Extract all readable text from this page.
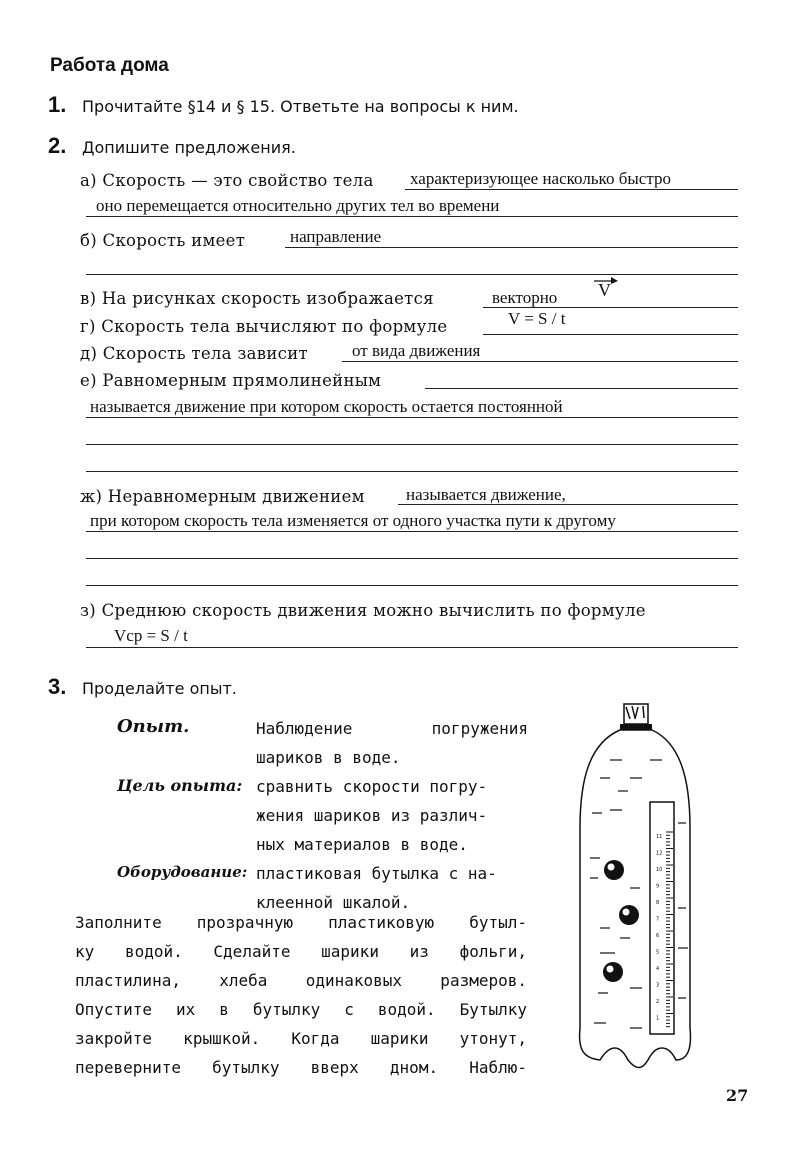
Работа дома
1. Прочитайте §14 и § 15. Ответьте на вопросы к ним.
2. Допишите предложения.
а) Скорость — это свойство тела характеризующее насколько быстро
оно перемещается относительно других тел во времени
б) Скорость имеет	направление
в) На рисунках скорость изображается	векторно V
г) Скорость тела вычисляют по формуле	V = S / t
д) Скорость тела зависит	от вида движения
е) Равномерным прямолинейным
называется движение при котором скорость остается постоянной
ж) Неравномерным движением называется движение,
при котором скорость тела изменяется от одного участка пути к другому
з) Среднюю скорость движения можно вычислить по формуле
Vср = S / t
3. Проделайте опыт.
Опыт.	Наблюдение погружения
шариков в воде.
Цель опыта: сравнить скорости погру-
жения шариков из различ-
ных материалов в воде.
Оборудование: пластиковая бутылка с на-
клеенной шкалой.
Заполните прозрачную пластиковую бутыл-
ку водой. Сделайте шарики из фольги,
пластилина, хлеба одинаковых размеров.
Опустите их в бутылку с водой. Бутылку
закройте крышкой. Когда шарики утонут,
переверните бутылку вверх дном. Наблю-
11
12
10
9
8
7
6
5
4
3
2
1
27
